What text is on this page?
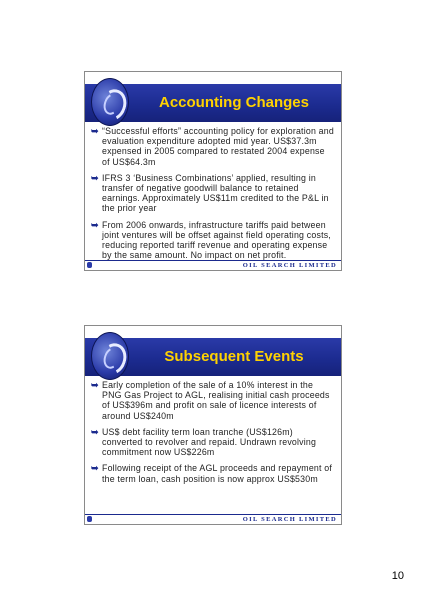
Accounting Changes
➥ “Successful efforts” accounting policy for exploration and evaluation expenditure adopted mid year. US$37.3m expensed in 2005 compared to restated 2004 expense of US$64.3m
➥ IFRS 3 ‘Business Combinations’ applied, resulting in transfer of negative goodwill balance to retained earnings. Approximately US$11m credited to the P&L in the prior year
➥ From 2006 onwards, infrastructure tariffs paid between joint ventures will be offset against field operating costs, reducing reported tariff revenue and operating expense by the same amount. No impact on net profit.
OIL SEARCH LIMITED
Subsequent Events
➥ Early completion of the sale of a 10% interest in the PNG Gas Project to AGL, realising initial cash proceeds of US$396m and profit on sale of licence interests of around US$240m
➥ US$ debt facility term loan tranche (US$126m) converted to revolver and repaid. Undrawn revolving commitment now US$226m
➥ Following receipt of the AGL proceeds and repayment of the term loan, cash position is now approx US$530m
OIL SEARCH LIMITED
10
